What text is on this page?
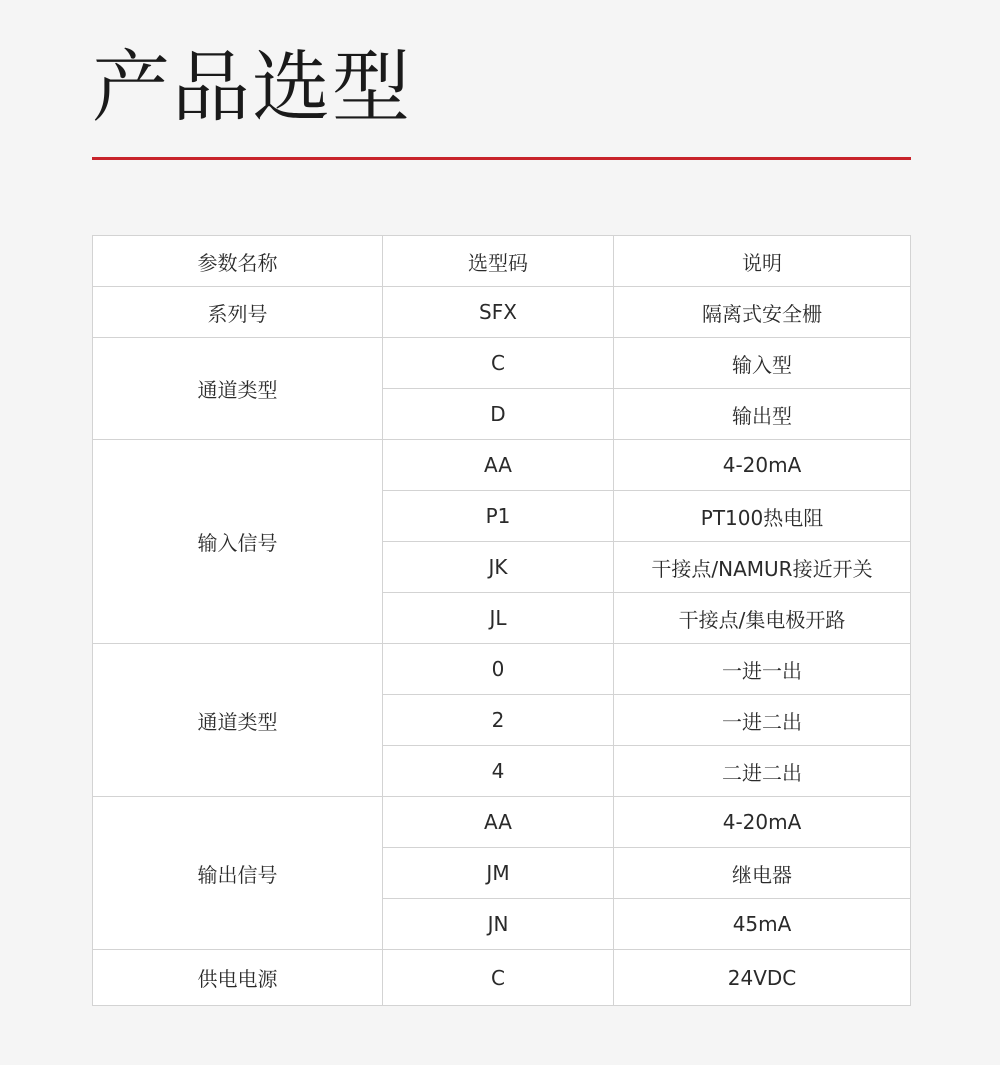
产品选型
参数名称	选型码	说明
系列号	SFX	隔离式安全栅
通道类型	C	输入型
	D	输出型
输入信号	AA	4-20mA
	P1	PT100热电阻
	JK	干接点/NAMUR接近开关
	JL	干接点/集电极开路
通道类型	0	一进一出
	2	一进二出
	4	二进二出
输出信号	AA	4-20mA
	JM	继电器
	JN	45mA
供电电源	C	24VDC
